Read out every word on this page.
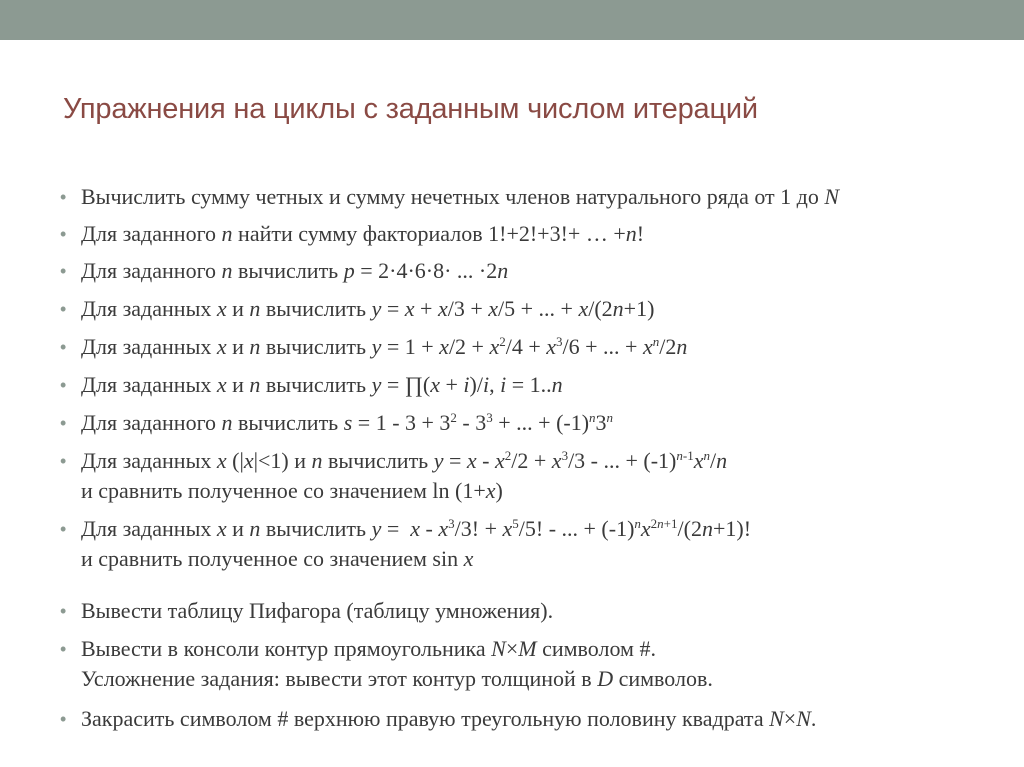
Упражнения на циклы с заданным числом итераций
• Вычислить сумму четных и сумму нечетных членов натурального ряда от 1 до N
• Для заданного n найти сумму факториалов 1!+2!+3!+ … +n!
• Для заданного n вычислить p = 2·4·6·8· ... ·2n
• Для заданных x и n вычислить y = x + x/3 + x/5 + ... + x/(2n+1)
• Для заданных x и n вычислить $y = 1 + x/2 + x^2/4 + x^3/6$ + ... + $x^n/2n$
• Для заданных x и n вычислить y = ∏(x + i)/i, i = 1..n
• Для заданного n вычислить $s = 1 - 3 + 3^2 - 3^3$ + ... + $(-1)^n3^n$
• Для заданных x (|x|<1) и n вычислить $y = x - x^2/2 + x^3/3$ - ... + $(-1)^{n-1}x^n/n$
и сравнить полученное со значением ln (1+x)
• Для заданных x и n вычислить $y = x - x^3/3$! + $x^5/5$! - ... + $(-1)^nx^{2n+1}/(2n+1)$!
и сравнить полученное со значением sin x
• Вывести таблицу Пифагора (таблицу умножения).
• Вывести в консоли контур прямоугольника N×M символом #.
Усложнение задания: вывести этот контур толщиной в D символов.
• Закрасить символом # верхнюю правую треугольную половину квадрата N×N.
